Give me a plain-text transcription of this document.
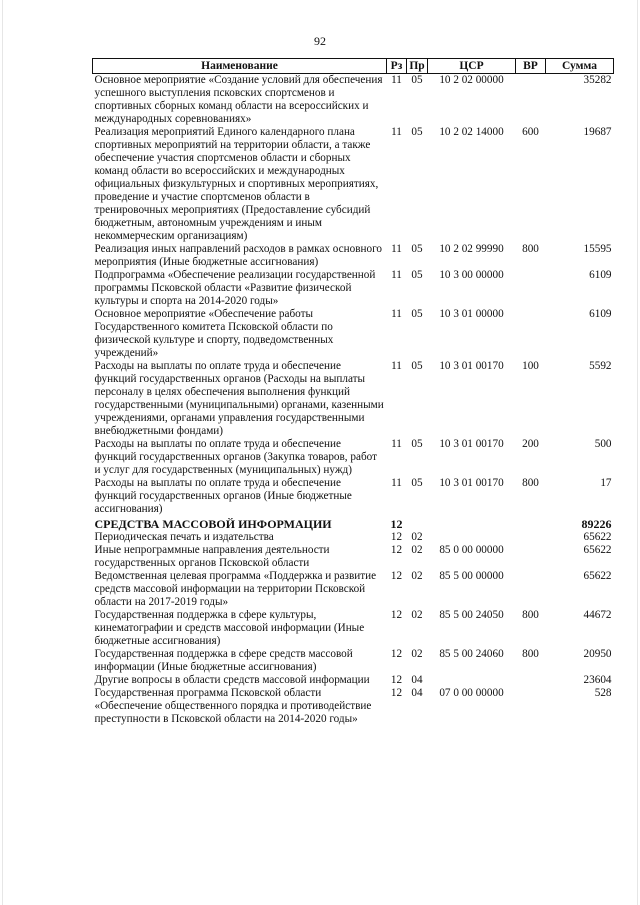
92
Наименование	Рз	Пр	ЦСР	ВР	Сумма
Основное мероприятие «Создание условий для обеспечения успешного выступления псковских спортсменов и спортивных сборных команд области на всероссийских и международных соревнованиях»	11	05	10 2 02 00000		35282
Реализация мероприятий Единого календарного плана спортивных мероприятий на территории области, а также обеспечение участия спортсменов области и сборных команд области во всероссийских и международных официальных физкультурных и спортивных мероприятиях, проведение и участие спортсменов области в тренировочных мероприятиях (Предоставление субсидий бюджетным, автономным учреждениям и иным некоммерческим организациям)	11	05	10 2 02 14000	600	19687
Реализация иных направлений расходов в рамках основного мероприятия (Иные бюджетные ассигнования)	11	05	10 2 02 99990	800	15595
Подпрограмма «Обеспечение реализации государственной программы Псковской области «Развитие физической культуры и спорта на 2014-2020 годы»	11	05	10 3 00 00000		6109
Основное мероприятие «Обеспечение работы Государственного комитета Псковской области по физической культуре и спорту, подведомственных учреждений»	11	05	10 3 01 00000		6109
Расходы на выплаты по оплате труда и обеспечение функций государственных органов (Расходы на выплаты персоналу в целях обеспечения выполнения функций государственными (муниципальными) органами, казенными учреждениями, органами управления государственными внебюджетными фондами)	11	05	10 3 01 00170	100	5592
Расходы на выплаты по оплате труда и обеспечение функций государственных органов (Закупка товаров, работ и услуг для государственных (муниципальных) нужд)	11	05	10 3 01 00170	200	500
Расходы на выплаты по оплате труда и обеспечение функций государственных органов (Иные бюджетные ассигнования)	11	05	10 3 01 00170	800	17
СРЕДСТВА МАССОВОЙ ИНФОРМАЦИИ	12				89226
Периодическая печать и издательства	12	02			65622
Иные непрограммные направления деятельности государственных органов Псковской области	12	02	85 0 00 00000		65622
Ведомственная целевая программа «Поддержка и развитие средств массовой информации на территории Псковской области на 2017-2019 годы»	12	02	85 5 00 00000		65622
Государственная поддержка в сфере культуры, кинематографии и средств массовой информации (Иные бюджетные ассигнования)	12	02	85 5 00 24050	800	44672
Государственная поддержка в сфере средств массовой информации (Иные бюджетные ассигнования)	12	02	85 5 00 24060	800	20950
Другие вопросы в области средств массовой информации	12	04			23604
Государственная программа Псковской области «Обеспечение общественного порядка и противодействие преступности в Псковской области на 2014-2020 годы»	12	04	07 0 00 00000		528
